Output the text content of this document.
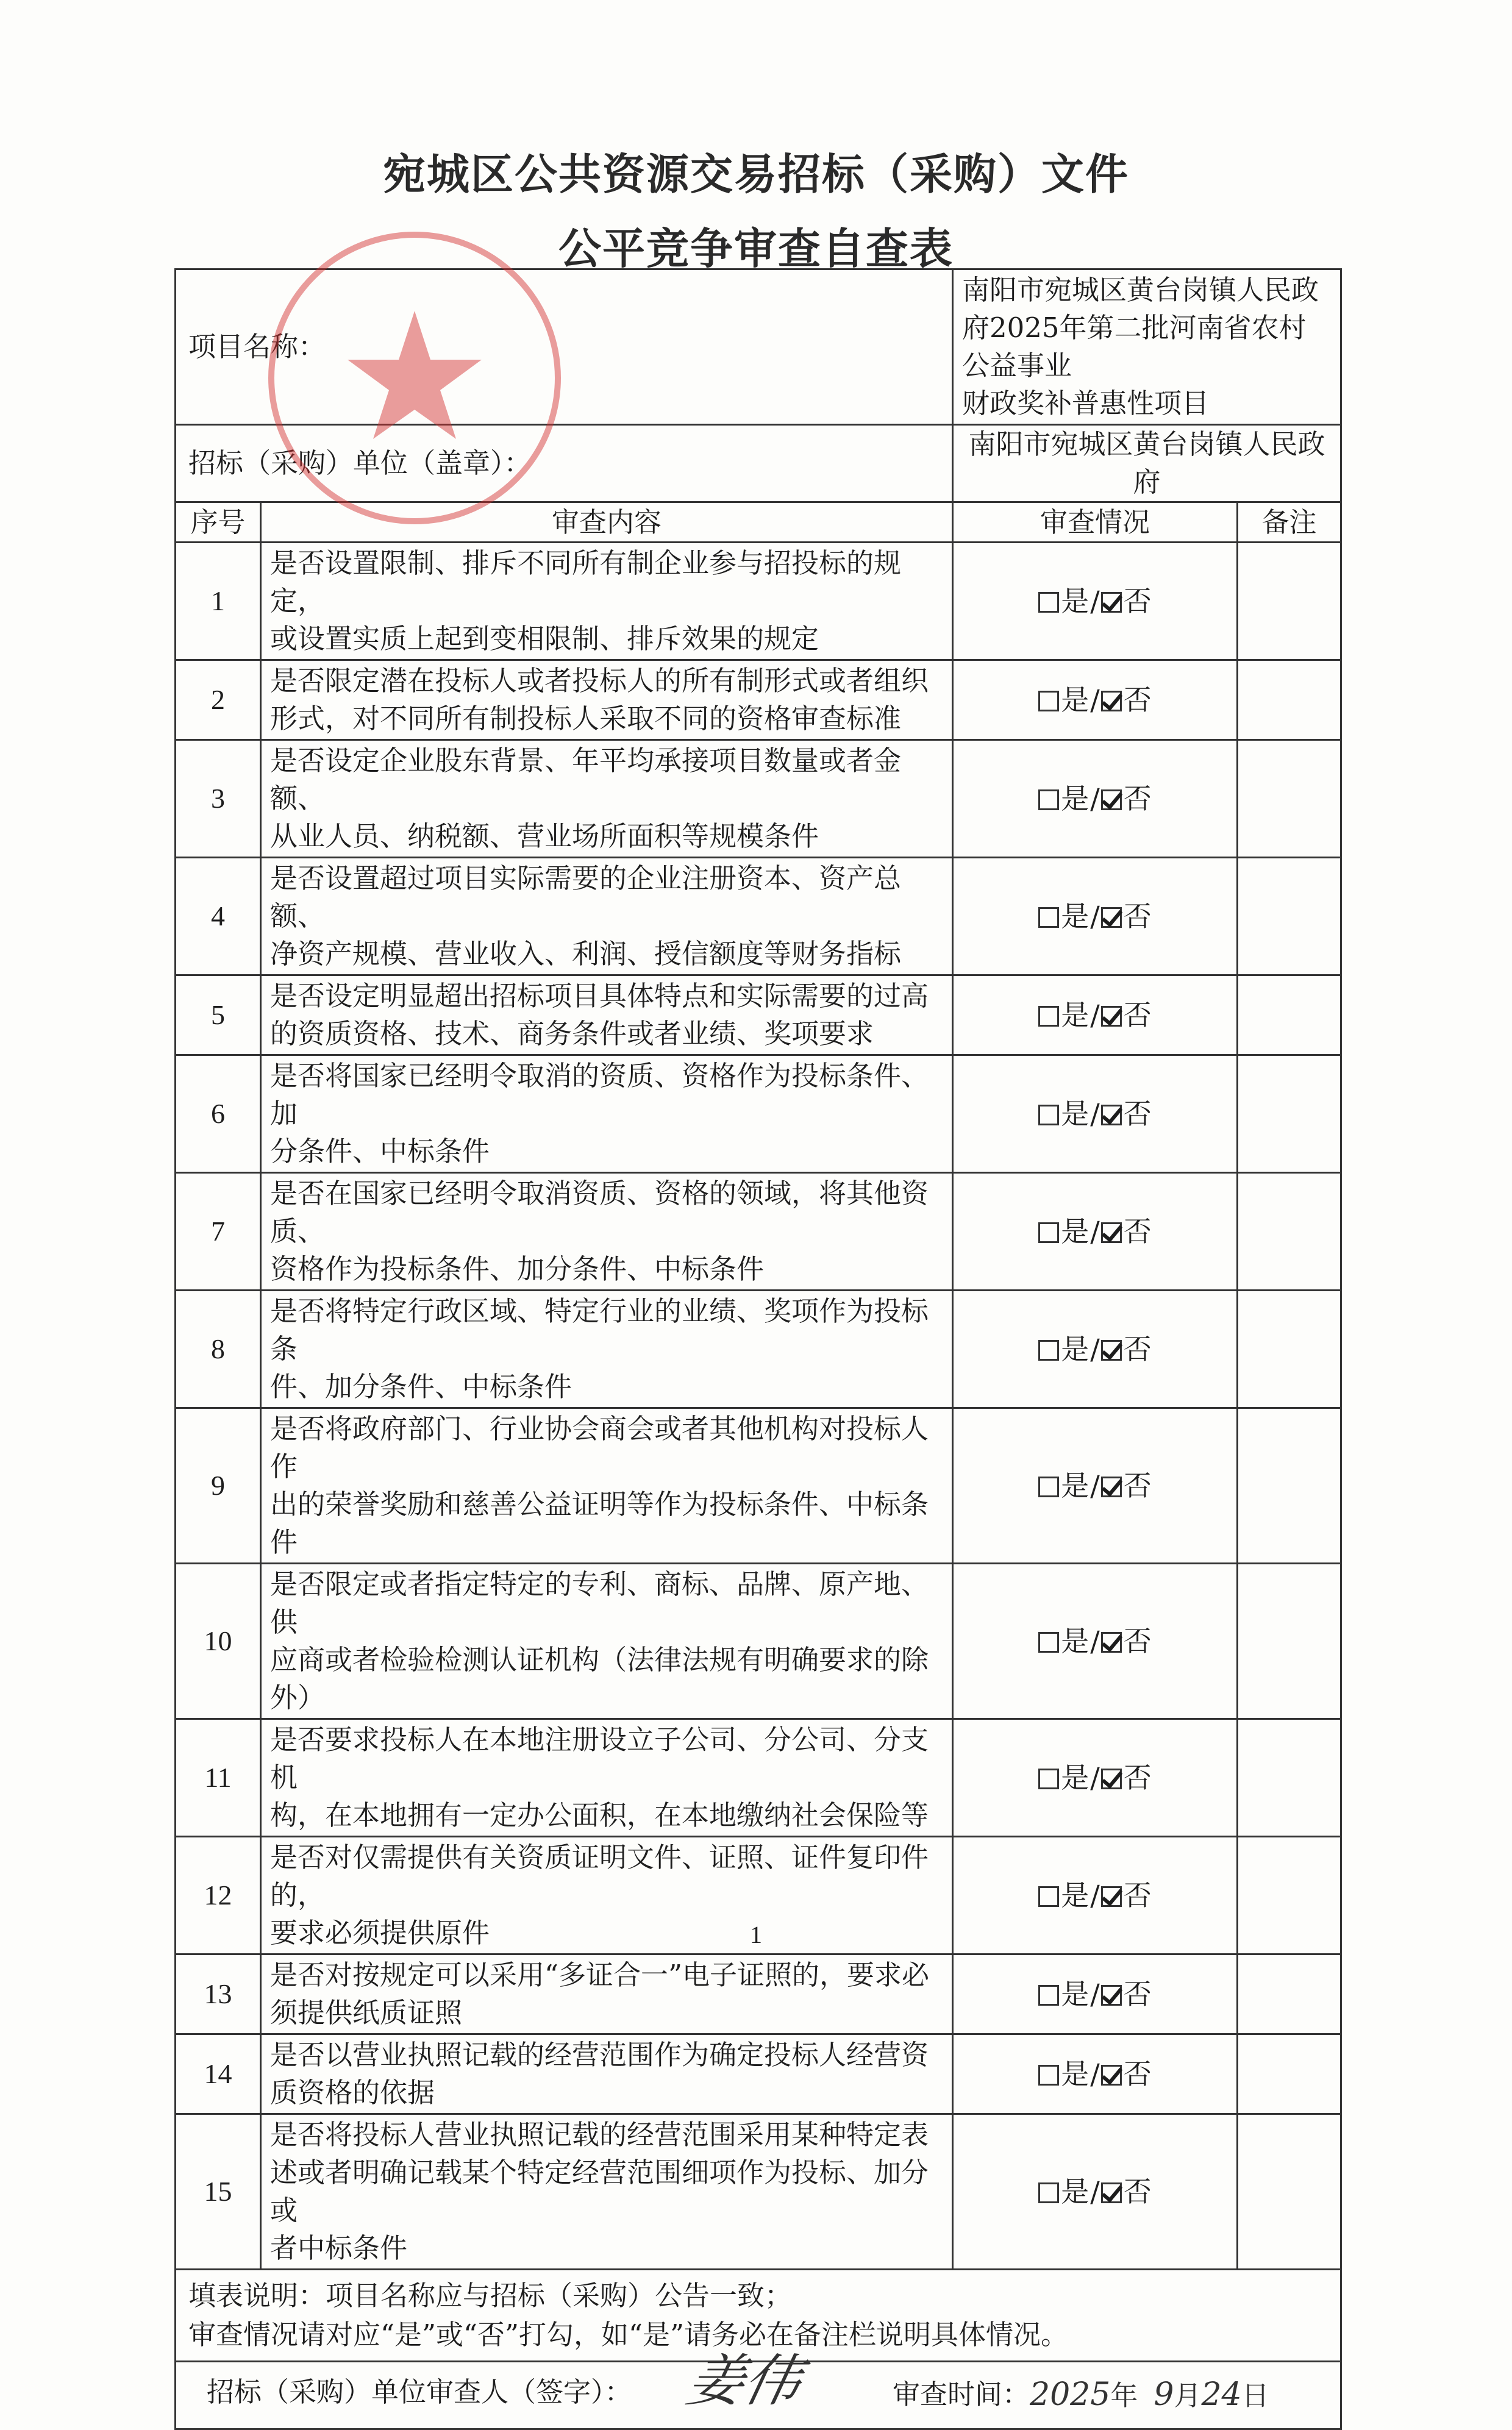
宛城区公共资源交易招标（采购）文件
公平竞争审查自查表
项目名称：		南阳市宛城区黄台岗镇人民政府2025年第二批河南省农村公益事业
财政奖补普惠性项目	

招标（采购）单位（盖章）：		南阳市宛城区黄台岗镇人民政府	
序号	审查内容	审查情况	备注
1	是否设置限制、排斥不同所有制企业参与招投标的规定，
或设置实质上起到变相限制、排斥效果的规定	是/ 否	
2	是否限定潜在投标人或者投标人的所有制形式或者组织
形式，对不同所有制投标人采取不同的资格审查标准	是/ 否	
3	是否设定企业股东背景、年平均承接项目数量或者金额、
从业人员、纳税额、营业场所面积等规模条件	是/ 否	
4	是否设置超过项目实际需要的企业注册资本、资产总额、
净资产规模、营业收入、利润、授信额度等财务指标	是/ 否	
5	是否设定明显超出招标项目具体特点和实际需要的过高
的资质资格、技术、商务条件或者业绩、奖项要求	是/ 否	
6	是否将国家已经明令取消的资质、资格作为投标条件、加
分条件、中标条件	是/ 否	
7	是否在国家已经明令取消资质、资格的领域，将其他资质、
资格作为投标条件、加分条件、中标条件	是/ 否	
8	是否将特定行政区域、特定行业的业绩、奖项作为投标条
件、加分条件、中标条件	是/ 否	
9	是否将政府部门、行业协会商会或者其他机构对投标人作
出的荣誉奖励和慈善公益证明等作为投标条件、中标条件	是/ 否	
10	是否限定或者指定特定的专利、商标、品牌、原产地、供
应商或者检验检测认证机构（法律法规有明确要求的除
外）	是/ 否	
11	是否要求投标人在本地注册设立子公司、分公司、分支机
构，在本地拥有一定办公面积，在本地缴纳社会保险等	是/ 否	
12	是否对仅需提供有关资质证明文件、证照、证件复印件的，
要求必须提供原件	是/ 否	
13	是否对按规定可以采用“多证合一”电子证照的，要求必
须提供纸质证照	是/ 否	
14	是否以营业执照记载的经营范围作为确定投标人经营资
质资格的依据	是/ 否	
15	是否将投标人营业执照记载的经营范围采用某种特定表
述或者明确记载某个特定经营范围细项作为投标、加分或
者中标条件	是/ 否	

填表说明：项目名称应与招标（采购）公告一致；
审查情况请对应“是”或“否”打勾，如“是”请务必在备注栏说明具体情况。			

招标（采购）单位审查人（签字）： 姜伟 审查时间： 2025年  9月24日			
1
